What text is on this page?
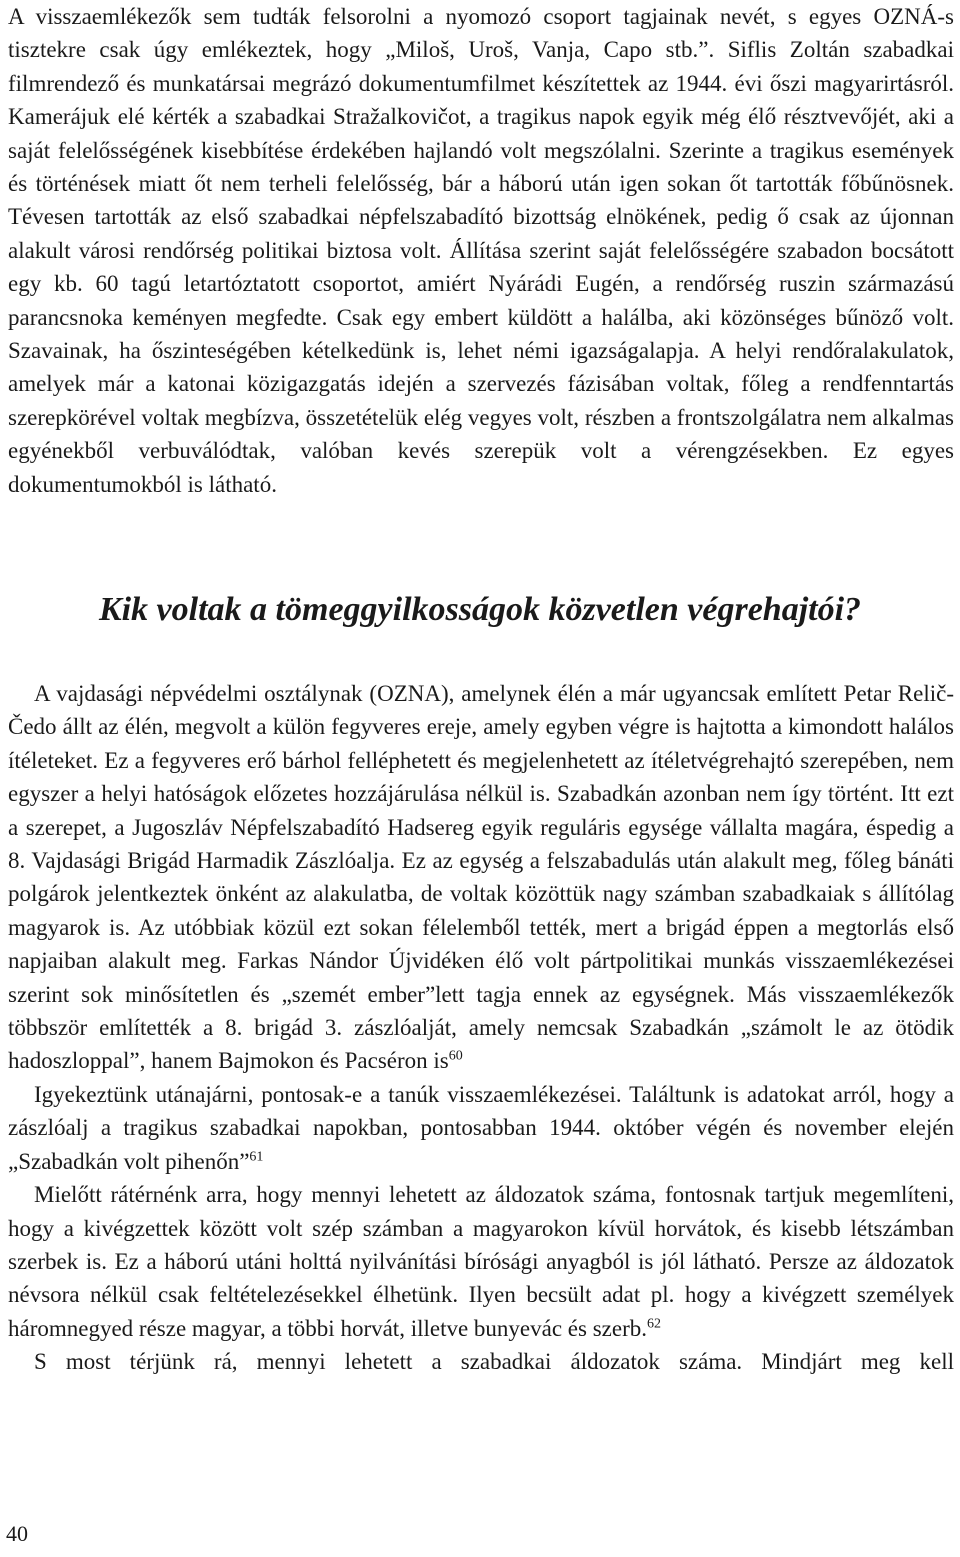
A visszaemlékezők sem tudták felsorolni a nyomozó csoport tagjainak nevét, s egyes OZNÁ-s tisztekre csak úgy emlékeztek, hogy „Miloš, Uroš, Vanja, Capo stb.”. Siflis Zoltán szabadkai filmrendező és munkatársai megrázó dokumentumfilmet készítettek az 1944. évi őszi magyarirtásról. Kamerájuk elé kérték a szabadkai Stražalkovičot, a tragikus napok egyik még élő résztvevőjét, aki a saját felelősségének kisebbítése érdekében hajlandó volt megszólalni. Szerinte a tragikus események és történések miatt őt nem terheli felelősség, bár a háború után igen sokan őt tartották főbűnösnek. Tévesen tartották az első szabadkai népfelszabadító bizottság elnökének, pedig ő csak az újonnan alakult városi rendőrség politikai biztosa volt. Állítása szerint saját felelősségére szabadon bocsátott egy kb. 60 tagú letartóztatott csoportot, amiért Nyárádi Eugén, a rendőrség ruszin származású parancsnoka keményen megfedte. Csak egy embert küldött a halálba, aki közönséges bűnöző volt. Szavainak, ha őszinteségében kételkedünk is, lehet némi igazságalapja. A helyi rendőralakulatok, amelyek már a katonai közigazgatás idején a szervezés fázisában voltak, főleg a rendfenntartás szerepkörével voltak megbízva, összetételük elég vegyes volt, részben a frontszolgálatra nem alkalmas egyénekből verbuválódtak, valóban kevés szerepük volt a vérengzésekben. Ez egyes dokumentumokból is látható.

Kik voltak a tömeggyilkosságok közvetlen végrehajtói?

A vajdasági népvédelmi osztálynak (OZNA), amelynek élén a már ugyancsak említett Petar Relič-Čedo állt az élén, megvolt a külön fegyveres ereje, amely egyben végre is hajtotta a kimondott halálos ítéleteket. Ez a fegyveres erő bárhol felléphetett és megjelenhetett az ítéletvégrehajtó szerepében, nem egyszer a helyi hatóságok előzetes hozzájárulása nélkül is. Szabadkán azonban nem így történt. Itt ezt a szerepet, a Jugoszláv Népfelszabadító Hadsereg egyik reguláris egysége vállalta magára, éspedig a 8. Vajdasági Brigád Harmadik Zászlóalja. Ez az egység a felszabadulás után alakult meg, főleg bánáti polgárok jelentkeztek önként az alakulatba, de voltak közöttük nagy számban szabadkaiak s állítólag magyarok is. Az utóbbiak közül ezt sokan félelemből tették, mert a brigád éppen a megtorlás első napjaiban alakult meg. Farkas Nándor Újvidéken élő volt pártpolitikai munkás visszaemlékezései szerint sok minősítetlen és „szemét ember”lett tagja ennek az egységnek. Más visszaemlékezők többször említették a 8. brigád 3. zászlóalját, amely nemcsak Szabadkán „számolt le az ötödik hadoszloppal”, hanem Bajmokon és Pacséron $is^{60}$

Igyekeztünk utánajárni, pontosak-e a tanúk visszaemlékezései. Találtunk is adatokat arról, hogy a zászlóalj a tragikus szabadkai napokban, pontosabban 1944. október végén és november elején „Szabadkán volt pihenőn”$^{61}$

Mielőtt rátérnénk arra, hogy mennyi lehetett az áldozatok száma, fontosnak tartjuk megemlíteni, hogy a kivégzettek között volt szép számban a magyarokon kívül horvátok, és kisebb létszámban szerbek is. Ez a háború utáni holttá nyilvánítási bírósági anyagból is jól látható. Persze az áldozatok névsora nélkül csak feltételezésekkel élhetünk. Ilyen becsült adat pl. hogy a kivégzett személyek háromnegyed része magyar, a többi horvát, illetve bunyevác és szerb.$^{62}$

S most térjünk rá, mennyi lehetett a szabadkai áldozatok száma. Mindjárt meg kell

40
